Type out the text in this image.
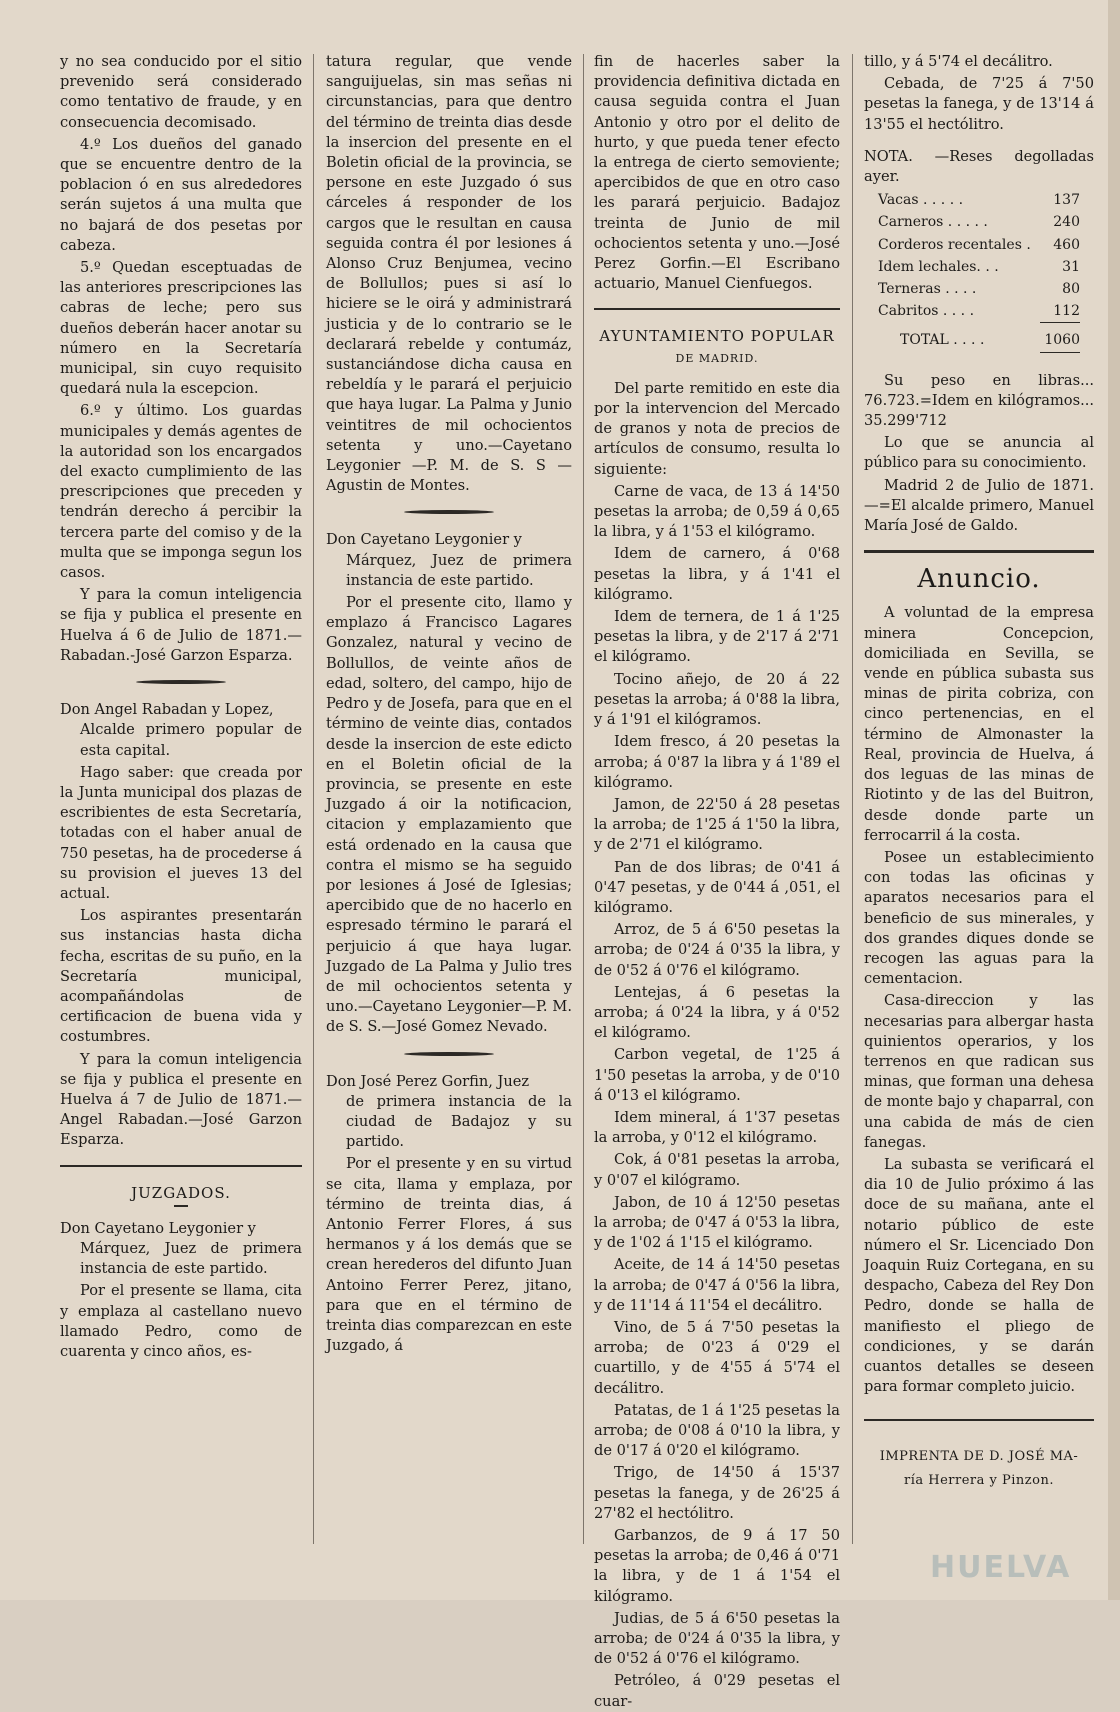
y no sea conducido por el sitio prevenido será considerado como tentativo de fraude, y en consecuencia decomisado.

4.º Los dueños del ganado que se encuentre dentro de la poblacion ó en sus alrededores serán sujetos á una multa que no bajará de dos pesetas por cabeza.

5.º Quedan esceptuadas de las anteriores prescripciones las cabras de leche; pero sus dueños deberán hacer anotar su número en la Secretaría municipal, sin cuyo requisito quedará nula la escepcion.

6.º y último. Los guardas municipales y demás agentes de la autoridad son los encargados del exacto cumplimiento de las prescripciones que preceden y tendrán derecho á percibir la tercera parte del comiso y de la multa que se imponga segun los casos.

Y para la comun inteligencia se fija y publica el presente en Huelva á 6 de Julio de 1871.—Rabadan.-José Garzon Esparza.

Don Angel Rabadan y Lopez,
Alcalde primero popular de esta capital.

Hago saber: que creada por la Junta municipal dos plazas de escribientes de esta Secretaría, totadas con el haber anual de 750 pesetas, ha de procederse á su provision el jueves 13 del actual.

Los aspirantes presentarán sus instancias hasta dicha fecha, escritas de su puño, en la Secretaría municipal, acompañándolas de certificacion de buena vida y costumbres.

Y para la comun inteligencia se fija y publica el presente en Huelva á 7 de Julio de 1871.—Angel Rabadan.—José Garzon Esparza.

JUZGADOS.

Don Cayetano Leygonier y
Márquez, Juez de primera instancia de este partido.

Por el presente se llama, cita y emplaza al castellano nuevo llamado Pedro, como de cuarenta y cinco años, es-

tatura regular, que vende sanguijuelas, sin mas señas ni circunstancias, para que dentro del término de treinta dias desde la insercion del presente en el Boletin oficial de la provincia, se persone en este Juzgado ó sus cárceles á responder de los cargos que le resultan en causa seguida contra él por lesiones á Alonso Cruz Benjumea, vecino de Bollullos; pues si así lo hiciere se le oirá y administrará justicia y de lo contrario se le declarará rebelde y contumáz, sustanciándose dicha causa en rebeldía y le parará el perjuicio que haya lugar. La Palma y Junio veintitres de mil ochocientos setenta y uno.—Cayetano Leygonier —P. M. de S. S —Agustin de Montes.

Don Cayetano Leygonier y
Márquez, Juez de primera instancia de este partido.

Por el presente cito, llamo y emplazo á Francisco Lagares Gonzalez, natural y vecino de Bollullos, de veinte años de edad, soltero, del campo, hijo de Pedro y de Josefa, para que en el término de veinte dias, contados desde la insercion de este edicto en el Boletin oficial de la provincia, se presente en este Juzgado á oir la notificacion, citacion y emplazamiento que está ordenado en la causa que contra el mismo se ha seguido por lesiones á José de Iglesias; apercibido que de no hacerlo en espresado término le parará el perjuicio á que haya lugar. Juzgado de La Palma y Julio tres de mil ochocientos setenta y uno.—Cayetano Leygonier—P. M. de S. S.—José Gomez Nevado.

Don José Perez Gorfin, Juez
de primera instancia de la ciudad de Badajoz y su partido.

Por el presente y en su virtud se cita, llama y emplaza, por término de treinta dias, á Antonio Ferrer Flores, á sus hermanos y á los demás que se crean herederos del difunto Juan Antoino Ferrer Perez, jitano, para que en el término de treinta dias comparezcan en este Juzgado, á

fin de hacerles saber la providencia definitiva dictada en causa seguida contra el Juan Antonio y otro por el delito de hurto, y que pueda tener efecto la entrega de cierto semoviente; apercibidos de que en otro caso les parará perjuicio. Badajoz treinta de Junio de mil ochocientos setenta y uno.—José Perez Gorfin.—El Escribano actuario, Manuel Cienfuegos.

AYUNTAMIENTO POPULAR
DE MADRID.

Del parte remitido en este dia por la intervencion del Mercado de granos y nota de precios de artículos de consumo, resulta lo siguiente:

Carne de vaca, de 13 á 14'50 pesetas la arroba; de 0,59 á 0,65 la libra, y á 1'53 el kilógramo.

Idem de carnero, á 0'68 pesetas la libra, y á 1'41 el kilógramo.

Idem de ternera, de 1 á 1'25 pesetas la libra, y de 2'17 á 2'71 el kilógramo.

Tocino añejo, de 20 á 22 pesetas la arroba; á 0'88 la libra, y á 1'91 el kilógramos.

Idem fresco, á 20 pesetas la arroba; á 0'87 la libra y á 1'89 el kilógramo.

Jamon, de 22'50 á 28 pesetas la arroba; de 1'25 á 1'50 la libra, y de 2'71 el kilógramo.

Pan de dos libras; de 0'41 á 0'47 pesetas, y de 0'44 á ,051, el kilógramo.

Arroz, de 5 á 6'50 pesetas la arroba; de 0'24 á 0'35 la libra, y de 0'52 á 0'76 el kilógramo.

Lentejas, á 6 pesetas la arroba; á 0'24 la libra, y á 0'52 el kilógramo.

Carbon vegetal, de 1'25 á 1'50 pesetas la arroba, y de 0'10 á 0'13 el kilógramo.

Idem mineral, á 1'37 pesetas la arroba, y 0'12 el kilógramo.

Cok, á 0'81 pesetas la arroba, y 0'07 el kilógramo.

Jabon, de 10 á 12'50 pesetas la arroba; de 0'47 á 0'53 la libra, y de 1'02 á 1'15 el kilógramo.

Aceite, de 14 á 14'50 pesetas la arroba; de 0'47 á 0'56 la libra, y de 11'14 á 11'54 el decálitro.

Vino, de 5 á 7'50 pesetas la arroba; de 0'23 á 0'29 el cuartillo, y de 4'55 á 5'74 el decálitro.

Patatas, de 1 á 1'25 pesetas la arroba; de 0'08 á 0'10 la libra, y de 0'17 á 0'20 el kilógramo.

Trigo, de 14'50 á 15'37 pesetas la fanega, y de 26'25 á 27'82 el hectólitro.

Garbanzos, de 9 á 17 50 pesetas la arroba; de 0,46 á 0'71 la libra, y de 1 á 1'54 el kilógramo.

Judias, de 5 á 6'50 pesetas la arroba; de 0'24 á 0'35 la libra, y de 0'52 á 0'76 el kilógramo.

Petróleo, á 0'29 pesetas el cuar-

tillo, y á 5'74 el decálitro.

Cebada, de 7'25 á 7'50 pesetas la fanega, y de 13'14 á 13'55 el hectólitro.

NOTA. —Reses degolladas ayer.

Vacas . . . . .	137
Carneros . . . . .	240
Corderos recentales .	460
Idem lechales. . .	31
Terneras . . . .	80
Cabritos . . . .	112
TOTAL . . . .	1060

Su peso en libras... 76.723.=Idem en kilógramos... 35.299'712

Lo que se anuncia al público para su conocimiento.

Madrid 2 de Julio de 1871.—=El alcalde primero, Manuel María José de Galdo.

Anuncio.

A voluntad de la empresa minera Concepcion, domiciliada en Sevilla, se vende en pública subasta sus minas de pirita cobriza, con cinco pertenencias, en el término de Almonaster la Real, provincia de Huelva, á dos leguas de las minas de Riotinto y de las del Buitron, desde donde parte un ferrocarril á la costa.

Posee un establecimiento con todas las oficinas y aparatos necesarios para el beneficio de sus minerales, y dos grandes diques donde se recogen las aguas para la cementacion.

Casa-direccion y las necesarias para albergar hasta quinientos operarios, y los terrenos en que radican sus minas, que forman una dehesa de monte bajo y chaparral, con una cabida de más de cien fanegas.

La subasta se verificará el dia 10 de Julio próximo á las doce de su mañana, ante el notario público de este número el Sr. Licenciado Don Joaquin Ruiz Cortegana, en su despacho, Cabeza del Rey Don Pedro, donde se halla de manifiesto el pliego de condiciones, y se darán cuantos detalles se deseen para formar completo juicio.

IMPRENTA DE D. JOSÉ MA-
ría Herrera y Pinzon.
HUELVA
